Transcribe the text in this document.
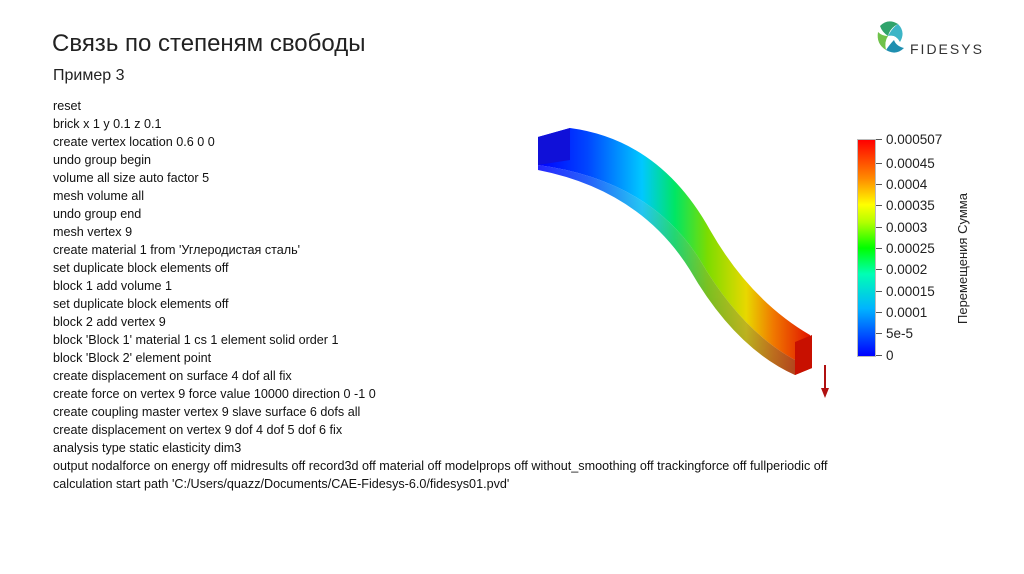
Связь по степеням свободы
Пример 3
reset
brick x 1 y 0.1 z 0.1
create vertex location 0.6 0 0
undo group begin
volume all size auto factor 5
mesh volume all
undo group end
mesh vertex 9
create material 1 from 'Углеродистая сталь'
set duplicate block elements off
block 1 add volume 1
set duplicate block elements off
block 2 add vertex 9
block 'Block 1' material 1 cs 1 element solid order 1
block 'Block 2' element point
create displacement on surface 4 dof all fix
create force on vertex 9 force value 10000 direction 0 -1 0
create coupling master vertex 9 slave surface 6 dofs all
create displacement on vertex 9 dof 4 dof 5 dof 6 fix
analysis type static elasticity dim3
output nodalforce on energy off midresults off record3d off material off modelprops off without_smoothing off trackingforce off fullperiodic off
calculation start path 'C:/Users/quazz/Documents/CAE-Fidesys-6.0/fidesys01.pvd'
FIDESYS
0.000507
0.00045
0.0004
0.00035
0.0003
0.00025
0.0002
0.00015
0.0001
5e-5
0
Перемещения Сумма
